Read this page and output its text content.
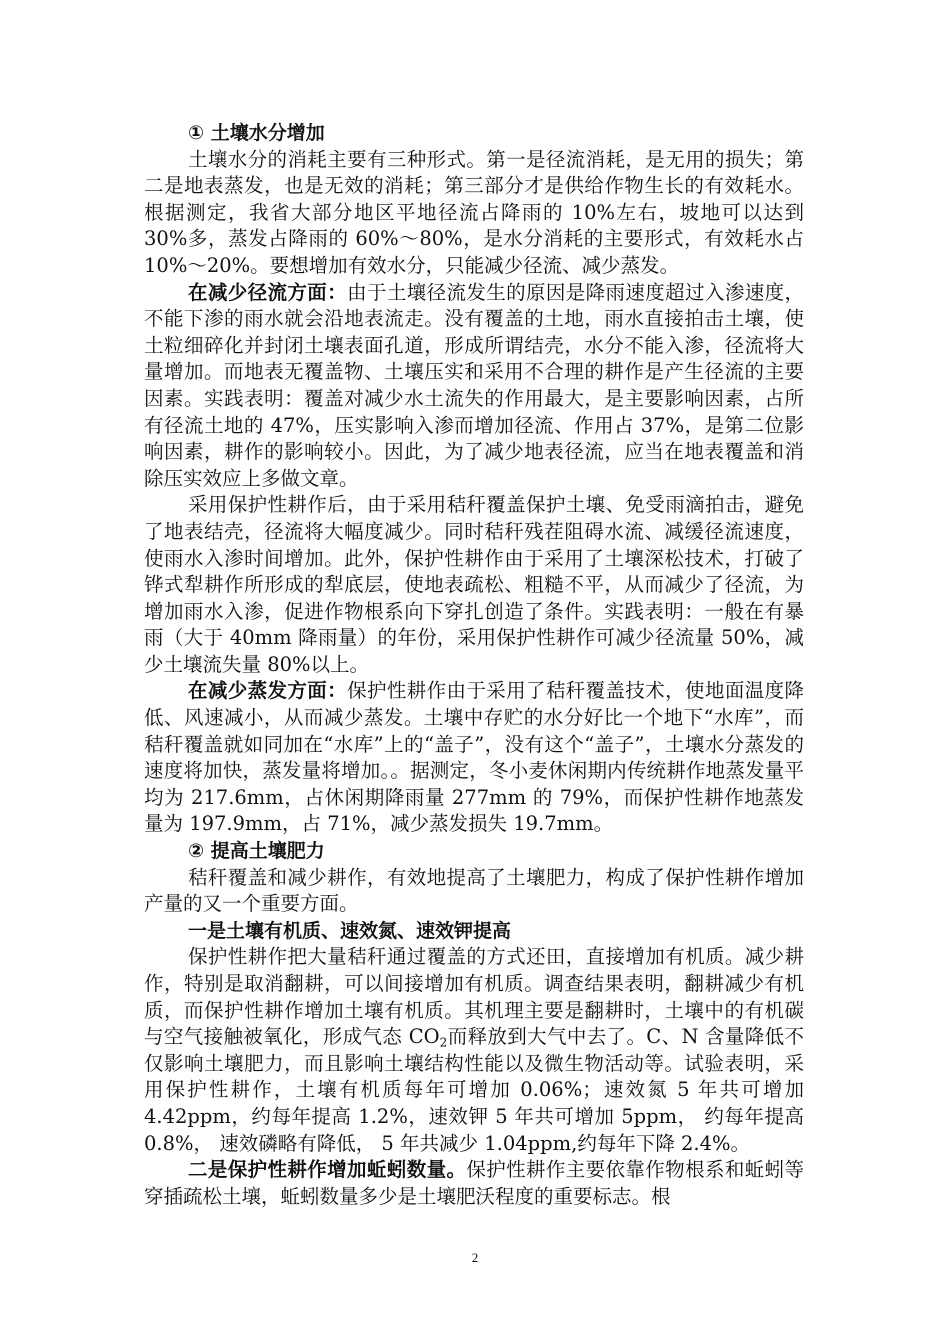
① 土壤水分增加

土壤水分的消耗主要有三种形式。第一是径流消耗，是无用的损失；第二是地表蒸发，也是无效的消耗；第三部分才是供给作物生长的有效耗水。根据测定，我省大部分地区平地径流占降雨的 10%左右，坡地可以达到 30%多，蒸发占降雨的 60%～80%，是水分消耗的主要形式，有效耗水占 10%～20%。要想增加有效水分，只能减少径流、减少蒸发。

在减少径流方面：由于土壤径流发生的原因是降雨速度超过入渗速度，不能下渗的雨水就会沿地表流走。没有覆盖的土地，雨水直接拍击土壤，使土粒细碎化并封闭土壤表面孔道，形成所谓结壳，水分不能入渗，径流将大量增加。而地表无覆盖物、土壤压实和采用不合理的耕作是产生径流的主要因素。实践表明：覆盖对减少水土流失的作用最大，是主要影响因素，占所有径流土地的 47%，压实影响入渗而增加径流、作用占 37%，是第二位影响因素，耕作的影响较小。因此，为了减少地表径流，应当在地表覆盖和消除压实效应上多做文章。

采用保护性耕作后，由于采用秸秆覆盖保护土壤、免受雨滴拍击，避免了地表结壳，径流将大幅度减少。同时秸秆残茬阻碍水流、减缓径流速度，使雨水入渗时间增加。此外，保护性耕作由于采用了土壤深松技术，打破了铧式犁耕作所形成的犁底层，使地表疏松、粗糙不平，从而减少了径流，为增加雨水入渗，促进作物根系向下穿扎创造了条件。实践表明：一般在有暴雨（大于 40mm 降雨量）的年份，采用保护性耕作可减少径流量 50%，减少土壤流失量 80%以上。

在减少蒸发方面：保护性耕作由于采用了秸秆覆盖技术，使地面温度降低、风速减小，从而减少蒸发。土壤中存贮的水分好比一个地下“水库”，而秸秆覆盖就如同加在“水库”上的“盖子”，没有这个“盖子”，土壤水分蒸发的速度将加快，蒸发量将增加。。据测定，冬小麦休闲期内传统耕作地蒸发量平均为 217.6mm，占休闲期降雨量 277mm 的 79%，而保护性耕作地蒸发量为 197.9mm，占 71%，减少蒸发损失 19.7mm。

② 提高土壤肥力

秸秆覆盖和减少耕作，有效地提高了土壤肥力，构成了保护性耕作增加产量的又一个重要方面。

一是土壤有机质、速效氮、速效钾提高

保护性耕作把大量秸秆通过覆盖的方式还田，直接增加有机质。减少耕作，特别是取消翻耕，可以间接增加有机质。调查结果表明，翻耕减少有机质，而保护性耕作增加土壤有机质。其机理主要是翻耕时，土壤中的有机碳与空气接触被氧化，形成气态 $CO_2$而释放到大气中去了。C、N 含量降低不仅影响土壤肥力，而且影响土壤结构性能以及微生物活动等。试验表明，采用保护性耕作，土壤有机质每年可增加 0.06%；速效氮 5 年共可增加 4.42ppm，约每年提高 1.2%，速效钾 5 年共可增加 5ppm， 约每年提高 0.8%， 速效磷略有降低， 5 年共减少 1.04ppm,约每年下降 2.4%。

二是保护性耕作增加蚯蚓数量。保护性耕作主要依靠作物根系和蚯蚓等穿插疏松土壤，蚯蚓数量多少是土壤肥沃程度的重要标志。根

2
